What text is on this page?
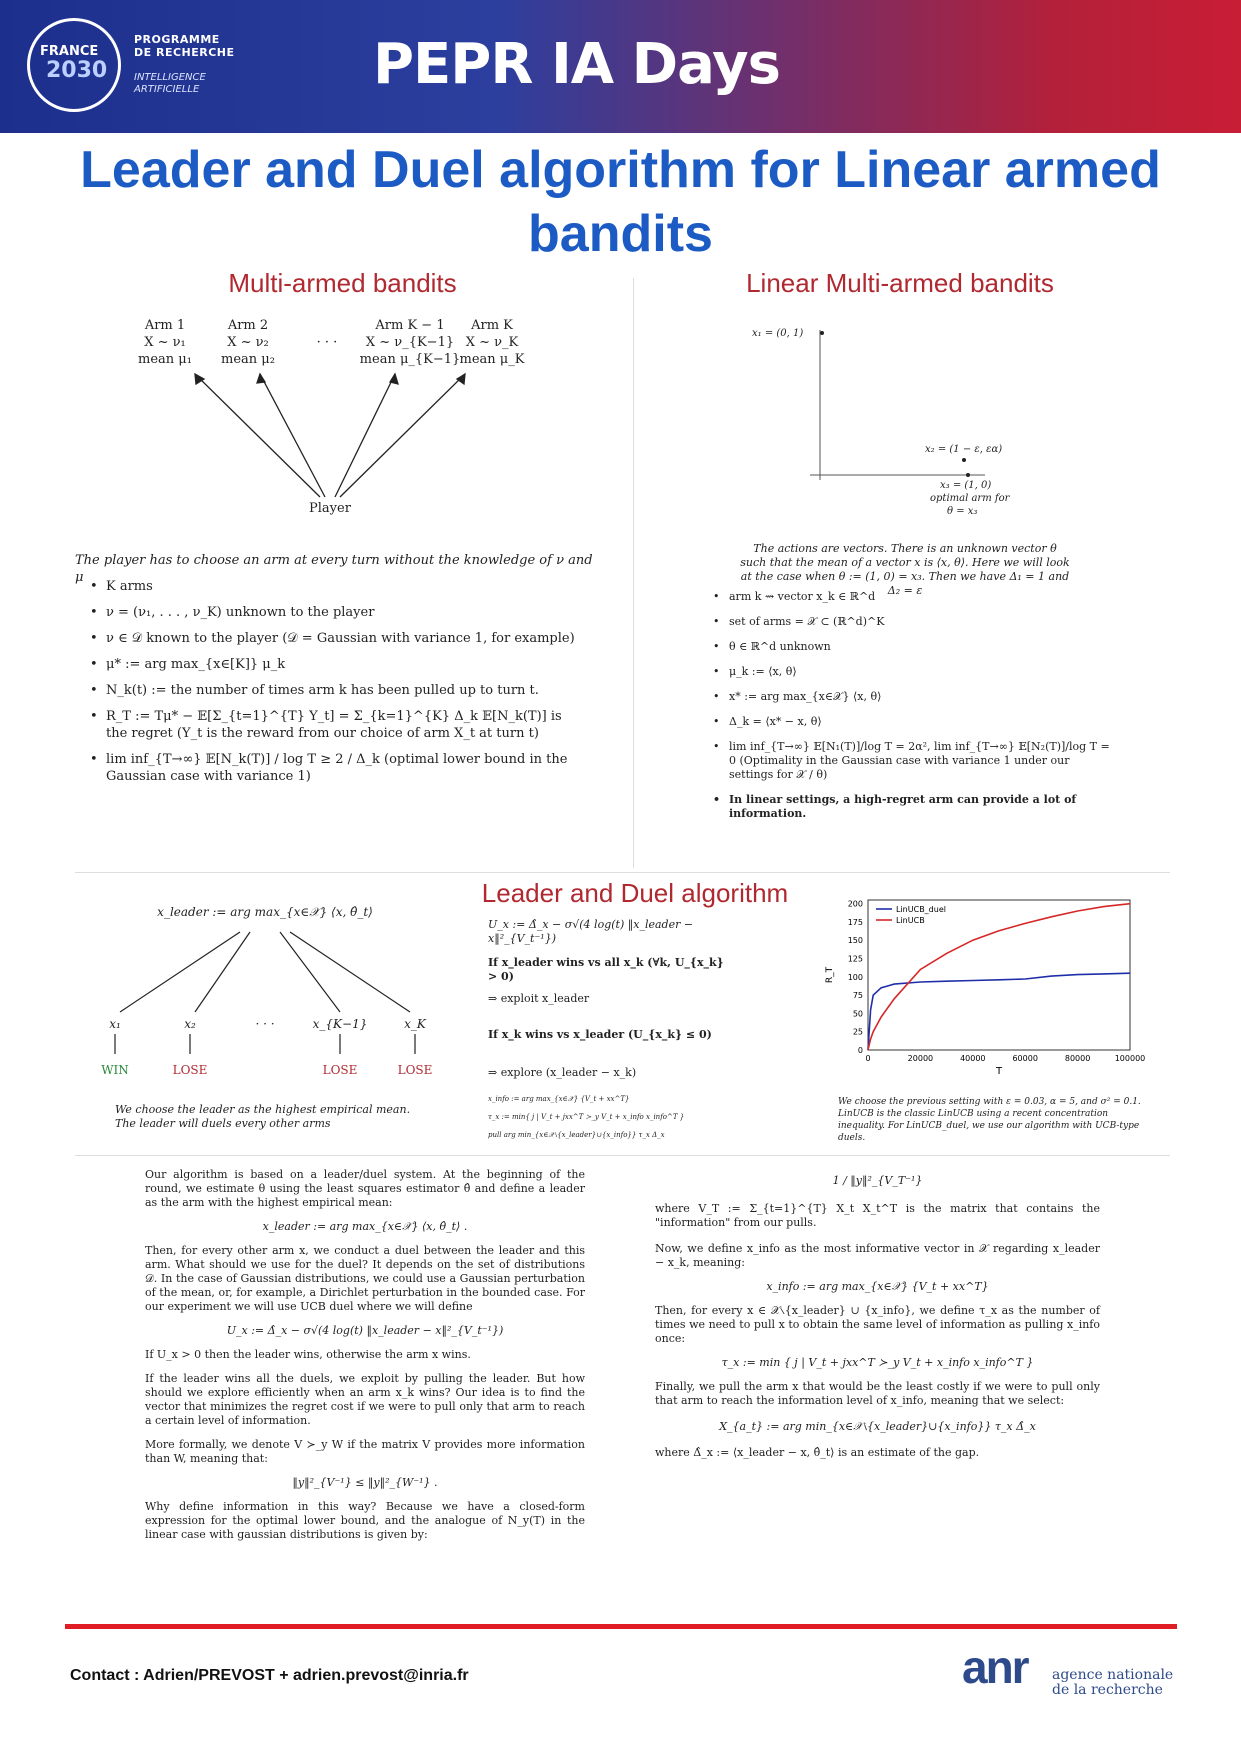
FRANCE
2030
PROGRAMME
DE RECHERCHE
INTELLIGENCE
ARTIFICIELLE	PEPR IA Days
Leader and Duel algorithm for Linear armed bandits
Multi-armed bandits	Linear Multi-armed bandits
Arm 1
X ~ ν₁
mean μ₁
Arm 2
X ~ ν₂
mean μ₂
· · ·
Arm K − 1
X ~ ν_{K−1}
mean μ_{K−1}
Arm K
X ~ ν_K
mean μ_K
Player
The player has to choose an arm at every turn without the knowledge of ν and μ
• K arms
• ν = (ν₁, . . . , ν_K) unknown to the player
• ν ∈ 𝒟 known to the player (𝒟 = Gaussian with variance 1, for example)
• μ* := arg max_{x∈[K]} μ_k
• N_k(t) := the number of times arm k has been pulled up to turn t.
• R_T := Tμ* − 𝔼[Σ_{t=1}^{T} Y_t] = Σ_{k=1}^{K} Δ_k 𝔼[N_k(T)] is the regret (Y_t is the reward from our choice of arm X_t at turn t)
• lim inf_{T→∞} 𝔼[N_k(T)] / log T ≥ 2 / Δ_k (optimal lower bound in the Gaussian case with variance 1)
x₁ = (0, 1)
x₂ = (1 − ε, εα)
x₃ = (1, 0)
optimal arm for
θ = x₃
The actions are vectors. There is an unknown vector θ such that the mean of a vector x is ⟨x, θ⟩. Here we will look at the case when θ := (1, 0) = x₃. Then we have Δ₁ = 1 and Δ₂ = ε
• arm k ⇝ vector x_k ∈ ℝ^d
• set of arms = 𝒳 ⊂ (ℝ^d)^K
• θ ∈ ℝ^d unknown
• μ_k := ⟨x, θ⟩
• x* := arg max_{x∈𝒳} ⟨x, θ⟩
• Δ_k = ⟨x* − x, θ⟩
• lim inf_{T→∞} 𝔼[N₁(T)]/log T = 2α², lim inf_{T→∞} 𝔼[N₂(T)]/log T = 0 (Optimality in the Gaussian case with variance 1 under our settings for 𝒳 / θ)
• In linear settings, a high-regret arm can provide a lot of information.
Leader and Duel algorithm
x_leader := arg max_{x∈𝒳} ⟨x, θ̂_t⟩
x₁	x₂	· · ·	x_{K−1}	x_K
WIN	LOSE	LOSE	LOSE
We choose the leader as the highest empirical mean. The leader will duels every other arms
U_x := Δ̂_x − σ√(4 log(t) ‖x_leader − x‖²_{V_t⁻¹})
If x_leader wins vs all x_k (∀k, U_{x_k} > 0)
⇒ exploit x_leader
If x_k wins vs x_leader (U_{x_k} ≤ 0)
⇒ explore (x_leader − x_k)
x_info := arg max_{x∈𝒳} {V_t + xx^T}
τ_x := min{ j | V_t + jxx^T ≻_y V_t + x_info x_info^T }
pull arg min_{x∈𝒳∖{x_leader}∪{x_info}} τ_x Δ_x
0
25
50
75
100
125
150
175
200
0	20000	40000	60000	80000	100000
T
R_T
LinUCB_duel
LinUCB
We choose the previous setting with ε = 0.03, α = 5, and σ² = 0.1. LinUCB is the classic LinUCB using a recent concentration inequality. For LinUCB_duel, we use our algorithm with UCB-type duels.

Our algorithm is based on a leader/duel system. At the beginning of the round, we estimate θ using the least squares estimator θ̂ and define a leader as the arm with the highest empirical mean:

x_leader := arg max_{x∈𝒳} ⟨x, θ̂_t⟩ .

Then, for every other arm x, we conduct a duel between the leader and this arm. What should we use for the duel? It depends on the set of distributions 𝒟. In the case of Gaussian distributions, we could use a Gaussian perturbation of the mean, or, for example, a Dirichlet perturbation in the bounded case. For our experiment we will use UCB duel where we will define

U_x := Δ̂_x − σ√(4 log(t) ‖x_leader − x‖²_{V_t⁻¹})

If U_x > 0 then the leader wins, otherwise the arm x wins.

If the leader wins all the duels, we exploit by pulling the leader. But how should we explore efficiently when an arm x_k wins? Our idea is to find the vector that minimizes the regret cost if we were to pull only that arm to reach a certain level of information.

More formally, we denote V ≻_y W if the matrix V provides more information than W, meaning that:

‖y‖²_{V⁻¹} ≤ ‖y‖²_{W⁻¹} .

Why define information in this way? Because we have a closed-form expression for the optimal lower bound, and the analogue of N_y(T) in the linear case with gaussian distributions is given by:

1 / ‖y‖²_{V_T⁻¹}

where V_T := Σ_{t=1}^{T} X_t X_t^T is the matrix that contains the "information" from our pulls.

Now, we define x_info as the most informative vector in 𝒳 regarding x_leader − x_k, meaning:

x_info := arg max_{x∈𝒳} {V_t + xx^T}

Then, for every x ∈ 𝒳∖{x_leader} ∪ {x_info}, we define τ_x as the number of times we need to pull x to obtain the same level of information as pulling x_info once:

τ_x := min { j | V_t + jxx^T ≻_y V_t + x_info x_info^T }

Finally, we pull the arm x that would be the least costly if we were to pull only that arm to reach the information level of x_info, meaning that we select:

X_{a_t} := arg min_{x∈𝒳∖{x_leader}∪{x_info}} τ_x Δ̂_x

where Δ̂_x := ⟨x_leader − x, θ̂_t⟩ is an estimate of the gap.

Contact : Adrien/PREVOST + adrien.prevost@inria.fr	anr agence nationale
de la recherche
